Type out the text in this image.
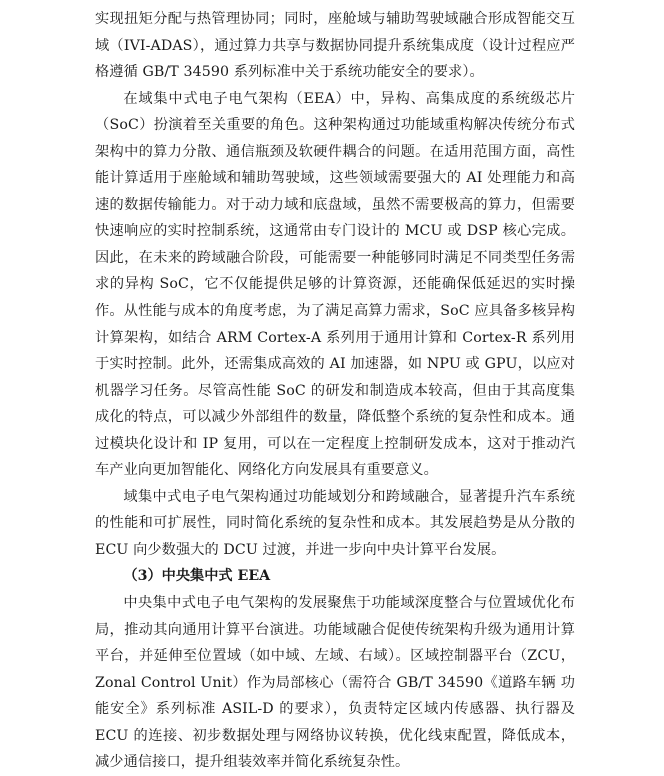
实现扭矩分配与热管理协同；同时，座舱域与辅助驾驶域融合形成智能交互域（IVI-ADAS），通过算力共享与数据协同提升系统集成度（设计过程应严格遵循 GB/T 34590 系列标准中关于系统功能安全的要求）。

在域集中式电子电气架构（EEA）中，异构、高集成度的系统级芯片（SoC）扮演着至关重要的角色。这种架构通过功能域重构解决传统分布式架构中的算力分散、通信瓶颈及软硬件耦合的问题。在适用范围方面，高性能计算适用于座舱域和辅助驾驶域，这些领域需要强大的 AI 处理能力和高速的数据传输能力。对于动力域和底盘域，虽然不需要极高的算力，但需要快速响应的实时控制系统，这通常由专门设计的 MCU 或 DSP 核心完成。因此，在未来的跨域融合阶段，可能需要一种能够同时满足不同类型任务需求的异构 SoC，它不仅能提供足够的计算资源，还能确保低延迟的实时操作。从性能与成本的角度考虑，为了满足高算力需求，SoC 应具备多核异构计算架构，如结合 ARM Cortex-A 系列用于通用计算和 Cortex-R 系列用于实时控制。此外，还需集成高效的 AI 加速器，如 NPU 或 GPU，以应对机器学习任务。尽管高性能 SoC 的研发和制造成本较高，但由于其高度集成化的特点，可以减少外部组件的数量，降低整个系统的复杂性和成本。通过模块化设计和 IP 复用，可以在一定程度上控制研发成本，这对于推动汽车产业向更加智能化、网络化方向发展具有重要意义。

域集中式电子电气架构通过功能域划分和跨域融合，显著提升汽车系统的性能和可扩展性，同时简化系统的复杂性和成本。其发展趋势是从分散的 ECU 向少数强大的 DCU 过渡，并进一步向中央计算平台发展。

（3）中央集中式 EEA

中央集中式电子电气架构的发展聚焦于功能域深度整合与位置域优化布局，推动其向通用计算平台演进。功能域融合促使传统架构升级为通用计算平台，并延伸至位置域（如中域、左域、右域）。区域控制器平台（ZCU，Zonal Control Unit）作为局部核心（需符合 GB/T 34590《道路车辆 功能安全》系列标准 ASIL-D 的要求），负责特定区域内传感器、执行器及 ECU 的连接、初步数据处理与网络协议转换，优化线束配置，降低成本，减少通信接口，提升组装效率并简化系统复杂性。
